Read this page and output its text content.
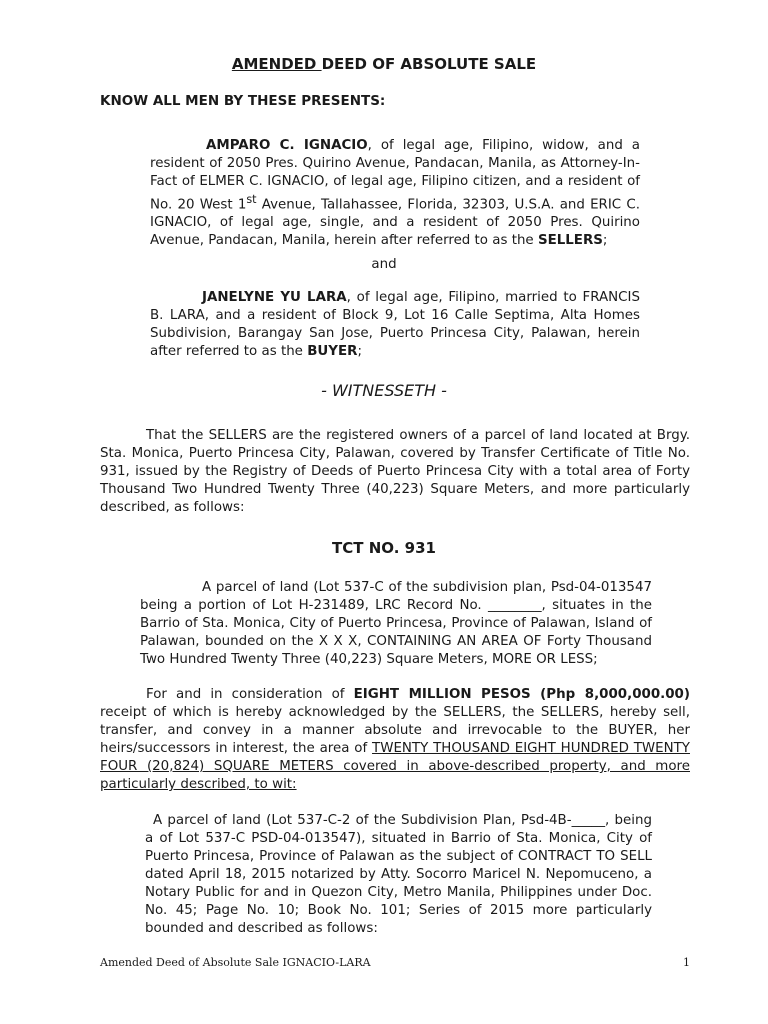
AMENDED DEED OF ABSOLUTE SALE

KNOW ALL MEN BY THESE PRESENTS:

AMPARO C. IGNACIO, of legal age, Filipino, widow, and a resident of 2050 Pres. Quirino Avenue, Pandacan, Manila, as Attorney-In-Fact of ELMER C. IGNACIO, of legal age, Filipino citizen, and a resident of No. 20 West 1st Avenue, Tallahassee, Florida, 32303, U.S.A. and ERIC C. IGNACIO, of legal age, single, and a resident of 2050 Pres. Quirino Avenue, Pandacan, Manila, herein after referred to as the SELLERS;

and

JANELYNE YU LARA, of legal age, Filipino, married to FRANCIS B. LARA, and a resident of Block 9, Lot 16 Calle Septima, Alta Homes Subdivision, Barangay San Jose, Puerto Princesa City, Palawan, herein after referred to as the BUYER;

- WITNESSETH -

That the SELLERS are the registered owners of a parcel of land located at Brgy. Sta. Monica, Puerto Princesa City, Palawan, covered by Transfer Certificate of Title No. 931, issued by the Registry of Deeds of Puerto Princesa City with a total area of Forty Thousand Two Hundred Twenty Three (40,223) Square Meters, and more particularly described, as follows:

TCT NO. 931

A parcel of land (Lot 537-C of the subdivision plan, Psd-04-013547 being a portion of Lot H-231489, LRC Record No. ________, situates in the Barrio of Sta. Monica, City of Puerto Princesa, Province of Palawan, Island of Palawan, bounded on the X X X, CONTAINING AN AREA OF Forty Thousand Two Hundred Twenty Three (40,223) Square Meters, MORE OR LESS;

For and in consideration of EIGHT MILLION PESOS (Php 8,000,000.00) receipt of which is hereby acknowledged by the SELLERS, the SELLERS, hereby sell, transfer, and convey in a manner absolute and irrevocable to the BUYER, her heirs/successors in interest, the area of TWENTY THOUSAND EIGHT HUNDRED TWENTY FOUR (20,824) SQUARE METERS covered in above-described property, and more particularly described, to wit:

A parcel of land (Lot 537-C-2 of the Subdivision Plan, Psd-4B-_____, being a of Lot 537-C PSD-04-013547), situated in Barrio of Sta. Monica, City of Puerto Princesa, Province of Palawan as the subject of CONTRACT TO SELL dated April 18, 2015 notarized by Atty. Socorro Maricel N. Nepomuceno, a Notary Public for and in Quezon City, Metro Manila, Philippines under Doc. No. 45; Page No. 10; Book No. 101; Series of 2015 more particularly bounded and described as follows:

Amended Deed of Absolute Sale IGNACIO-LARA	1
